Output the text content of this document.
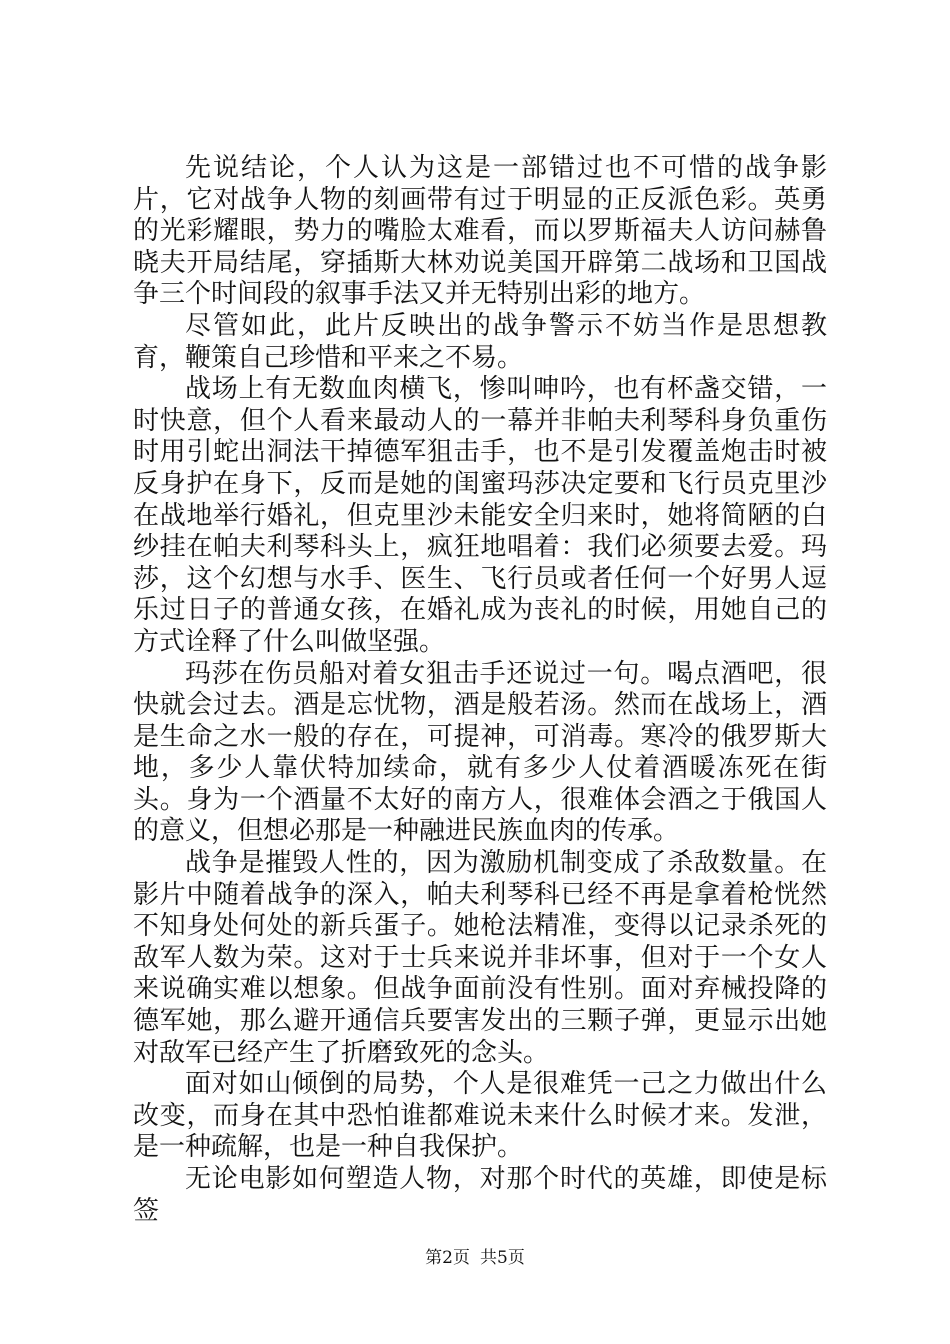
先说结论，个人认为这是一部错过也不可惜的战争影片，它对战争人物的刻画带有过于明显的正反派色彩。英勇的光彩耀眼，势力的嘴脸太难看，而以罗斯福夫人访问赫鲁晓夫开局结尾，穿插斯大林劝说美国开辟第二战场和卫国战争三个时间段的叙事手法又并无特别出彩的地方。

尽管如此，此片反映出的战争警示不妨当作是思想教育，鞭策自己珍惜和平来之不易。

战场上有无数血肉横飞，惨叫呻吟，也有杯盏交错，一时快意，但个人看来最动人的一幕并非帕夫利琴科身负重伤时用引蛇出洞法干掉德军狙击手，也不是引发覆盖炮击时被反身护在身下，反而是她的闺蜜玛莎决定要和飞行员克里沙在战地举行婚礼，但克里沙未能安全归来时，她将简陋的白纱挂在帕夫利琴科头上，疯狂地唱着：我们必须要去爱。玛莎，这个幻想与水手、医生、飞行员或者任何一个好男人逗乐过日子的普通女孩，在婚礼成为丧礼的时候，用她自己的方式诠释了什么叫做坚强。

玛莎在伤员船对着女狙击手还说过一句。喝点酒吧，很快就会过去。酒是忘忧物，酒是般若汤。然而在战场上，酒是生命之水一般的存在，可提神，可消毒。寒冷的俄罗斯大地，多少人靠伏特加续命，就有多少人仗着酒暖冻死在街头。身为一个酒量不太好的南方人，很难体会酒之于俄国人的意义，但想必那是一种融进民族血肉的传承。

战争是摧毁人性的，因为激励机制变成了杀敌数量。在影片中随着战争的深入，帕夫利琴科已经不再是拿着枪恍然不知身处何处的新兵蛋子。她枪法精准，变得以记录杀死的敌军人数为荣。这对于士兵来说并非坏事，但对于一个女人来说确实难以想象。但战争面前没有性别。面对弃械投降的德军她，那么避开通信兵要害发出的三颗子弹，更显示出她对敌军已经产生了折磨致死的念头。

面对如山倾倒的局势，个人是很难凭一己之力做出什么改变，而身在其中恐怕谁都难说未来什么时候才来。发泄，是一种疏解，也是一种自我保护。

无论电影如何塑造人物，对那个时代的英雄，即使是标签

第2页 共5页
